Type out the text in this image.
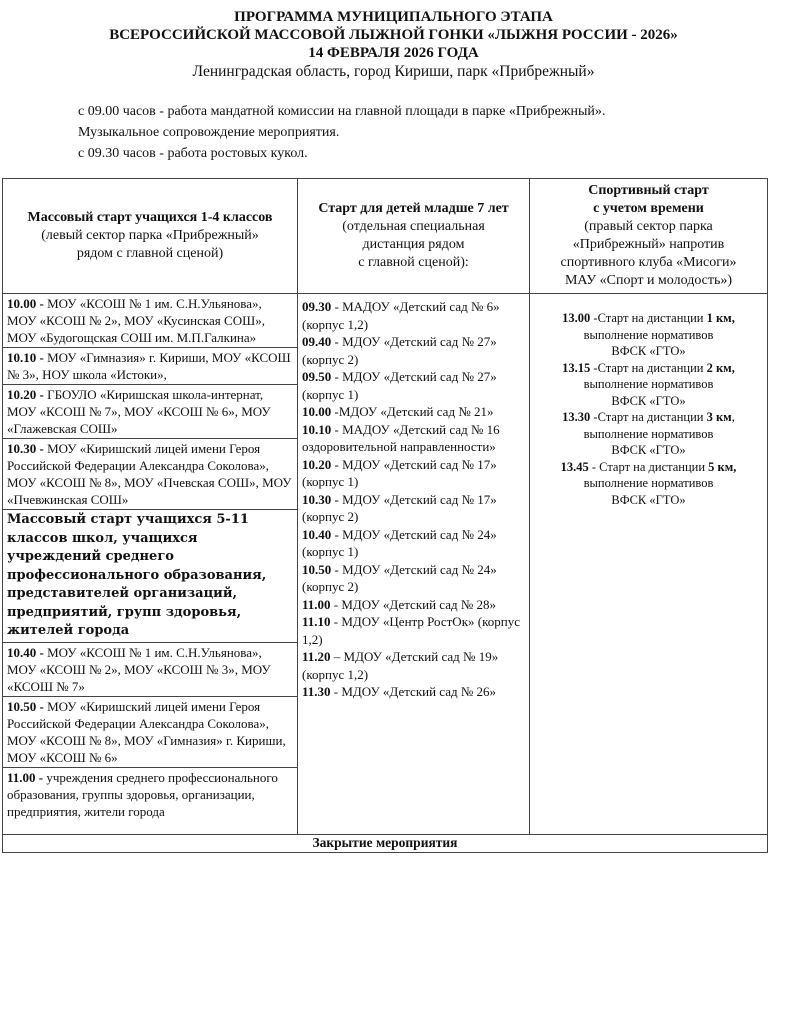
ПРОГРАММА МУНИЦИПАЛЬНОГО ЭТАПА
ВСЕРОССИЙСКОЙ МАССОВОЙ ЛЫЖНОЙ ГОНКИ «ЛЫЖНЯ РОССИИ - 2026»
14 ФЕВРАЛЯ 2026 ГОДА
Ленинградская область, город Кириши, парк «Прибрежный»
с 09.00 часов - работа мандатной комиссии на главной площади в парке «Прибрежный».
Музыкальное сопровождение мероприятия.
с 09.30 часов - работа ростовых кукол.
Массовый старт учащихся 1-4 классов
(левый сектор парка «Прибрежный»
рядом с главной сценой)
Старт для детей младше 7 лет
(отдельная специальная
дистанция рядом
с главной сценой):
Спортивный старт
с учетом времени
(правый сектор парка
«Прибрежный» напротив
спортивного клуба «Мисоги»
МАУ «Спорт и молодость»)
10.00 - МОУ «КСОШ № 1 им. С.Н.Ульянова», МОУ «КСОШ № 2», МОУ «Кусинская СОШ», МОУ «Будогощская СОШ им. М.П.Галкина»
10.10 - МОУ «Гимназия» г. Кириши, МОУ «КСОШ № 3», НОУ школа «Истоки»,
10.20 - ГБОУЛО «Киришская школа-интернат, МОУ «КСОШ № 7», МОУ «КСОШ № 6», МОУ «Глажевская СОШ»
10.30 - МОУ «Киришский лицей имени Героя Российской Федерации Александра Соколова», МОУ «КСОШ № 8», МОУ «Пчевская СОШ», МОУ «Пчевжинская СОШ»
Массовый старт учащихся 5-11 классов школ, учащихся учреждений среднего профессионального образования, представителей организаций, предприятий, групп здоровья, жителей города
10.40 - МОУ «КСОШ № 1 им. С.Н.Ульянова», МОУ «КСОШ № 2», МОУ «КСОШ № 3», МОУ «КСОШ № 7»
10.50 - МОУ «Киришский лицей имени Героя Российской Федерации Александра Соколова», МОУ «КСОШ № 8», МОУ «Гимназия» г. Кириши, МОУ «КСОШ № 6»
11.00 - учреждения среднего профессионального образования, группы здоровья, организации, предприятия, жители города
09.30 - МАДОУ «Детский сад № 6» (корпус 1,2)
09.40 - МДОУ «Детский сад № 27» (корпус 2)
09.50 - МДОУ «Детский сад № 27» (корпус 1)
10.00 -МДОУ «Детский сад № 21»
10.10 - МАДОУ «Детский сад № 16 оздоровительной направленности»
10.20 - МДОУ «Детский сад № 17» (корпус 1)
10.30 - МДОУ «Детский сад № 17» (корпус 2)
10.40 - МДОУ «Детский сад № 24» (корпус 1)
10.50 - МДОУ «Детский сад № 24» (корпус 2)
11.00 - МДОУ «Детский сад № 28»
11.10 - МДОУ «Центр РостОк» (корпус 1,2)
11.20 – МДОУ «Детский сад № 19» (корпус 1,2)
11.30 - МДОУ «Детский сад № 26»
13.00 -Старт на дистанции 1 км,
выполнение нормативов
ВФСК «ГТО»
13.15 -Старт на дистанции 2 км,
выполнение нормативов
ВФСК «ГТО»
13.30 -Старт на дистанции 3 км,
выполнение нормативов
ВФСК «ГТО»
13.45 - Старт на дистанции 5 км,
выполнение нормативов
ВФСК «ГТО»
Закрытие мероприятия
